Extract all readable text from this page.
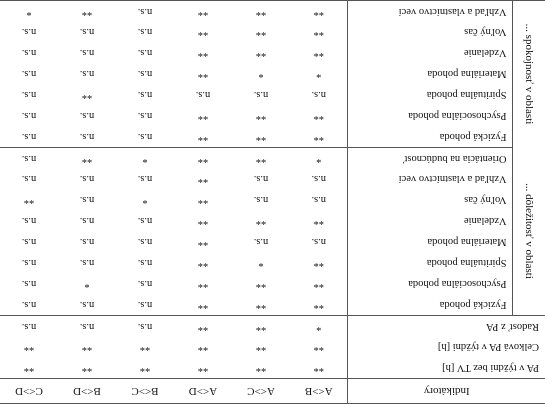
Indikátory		A<>B	A<>C	A<>D	B<>C	B<>D	C<>D
PA v týždni bez TV [h]		**	**	**	**	**	**
Celková PA v týždni [h]		**	**	**	**	**	**
Radosť z PA		*	**	**	n.s.	n.s.	n.s.

... dôležitosť v oblasti	Fyzická pohoda	**	**	**	n.s.	n.s.	n.s.
	Psychosociálna pohoda	**	**	**	n.s.	*	n.s.
	Spirituálna pohoda	**	*	**	n.s.	n.s.	n.s.
	Materiálna pohoda	n.s.	n.s.	**	n.s.	n.s.	n.s.
	Vzdelanie	**	**	**	n.s.	n.s.	n.s.
	Voľný čas	n.s.	n.s.	**	*	n.s.	**
	Vzhľad a vlastníctvo vecí	n.s.	n.s.	**	n.s.	n.s.	n.s.
	Orientácia na budúcnosť	*	**	**	*	**	n.s.

... spokojnosť v oblasti	Fyzická pohoda	**	**	**	n.s.	n.s.	n.s.
	Psychosociálna pohoda	**	**	**	n.s.	n.s.	n.s.
	Spirituálna pohoda	n.s.	n.s.	n.s.	n.s.	**	n.s.
	Materiálna pohoda	*	*	**	n.s.	n.s.	n.s.
	Vzdelanie	**	**	**	n.s.	n.s.	n.s.
	Voľný čas	**	**	**	n.s.	n.s.	n.s.
	Vzhľad a vlastníctvo vecí	**	**	**	n.s.	**	*
